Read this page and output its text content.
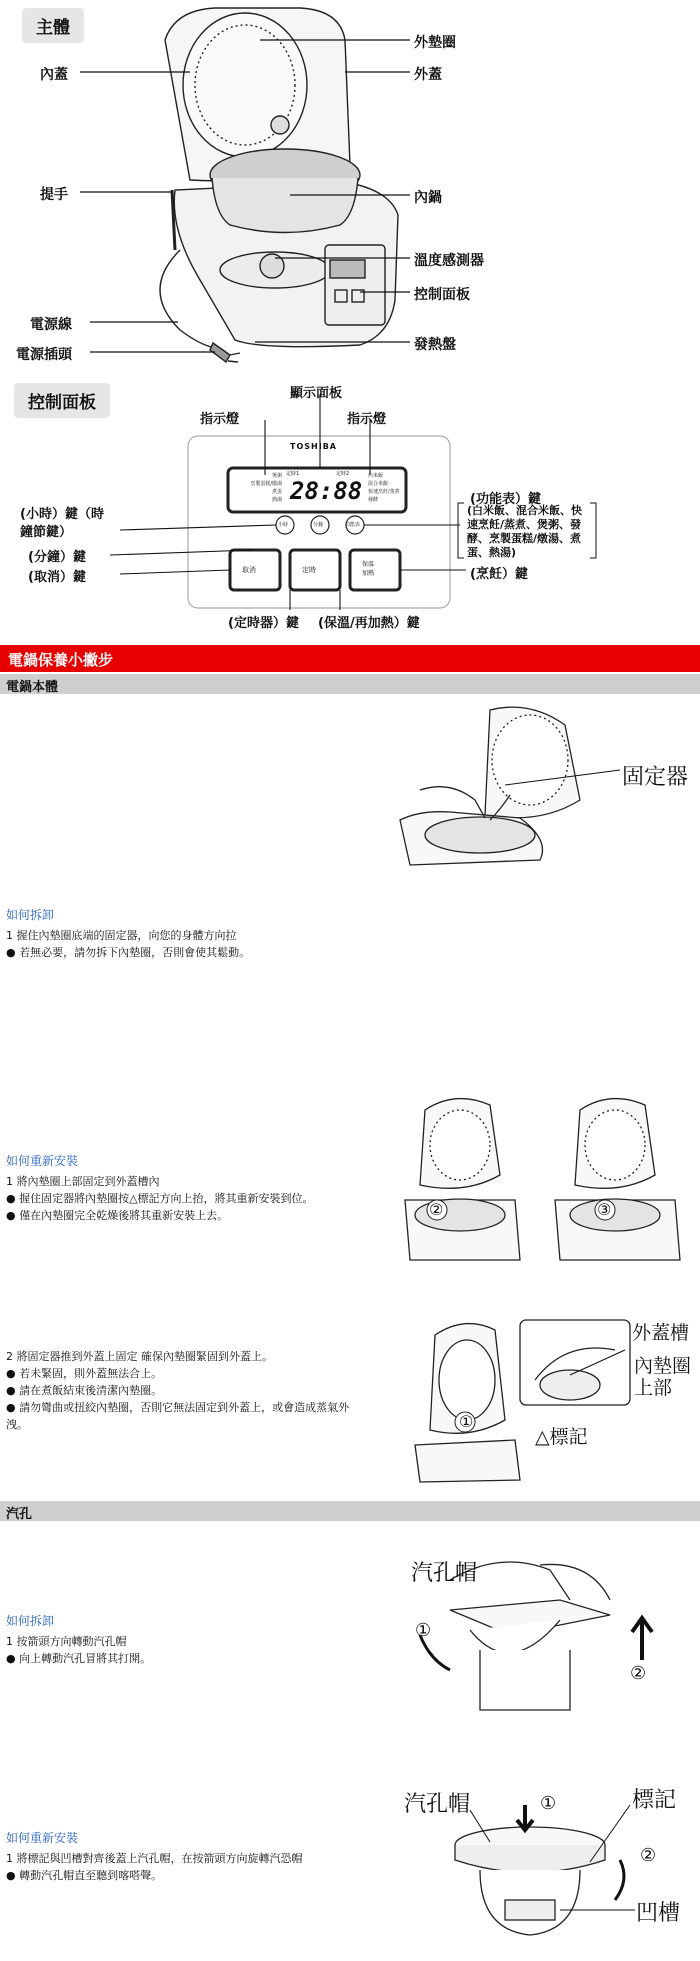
主體
外墊圈
外蓋
內蓋
提手	內鍋
溫度感測器
控制面板
電源線
電源插頭
發熱盤
控制面板	顯示面板
指示燈	指示燈
TOSHIBA
28:88
定時1	定時2
煲粥
烹製蛋糕/燉湯
煮蛋
熱湯
白米飯
混合米飯
快速烹飪/蒸煮
發酵
小時	分鐘	功能表
取消	定時
保溫
加熱
(小時）鍵（時
鐘節鍵）
(分鐘）鍵
(取消）鍵
(功能表）鍵
(白米飯、混合米飯、快
速烹飪/蒸煮、煲粥、發
酵、烹製蛋糕/燉湯、煮
蛋、熱湯)
(烹飪）鍵
(定時器）鍵 (保溫/再加熱）鍵
電鍋保養小撇步
電鍋本體
如何拆卸
1 握住內墊圈底端的固定器，向您的身體方向拉
● 若無必要，請勿拆下內墊圈，否則會使其鬆動。
固定器
如何重新安裝
1 將內墊圈上部固定到外蓋槽內
● 握住固定器將內墊圈按△標記方向上抬，將其重新安裝到位。
● 僅在內墊圈完全乾燥後將其重新安裝上去。	②	③
2 將固定器推到外蓋上固定 確保內墊圈緊固到外蓋上。
● 若未緊固，則外蓋無法合上。
● 請在煮飯結束後清潔內墊圈。
● 請勿彎曲或扭絞內墊圈，否則它無法固定到外蓋上，或會造成蒸氣外
洩。	①
外蓋槽
內墊圈
上部
△標記
汽孔
如何拆卸
1 按箭頭方向轉動汽孔帽
● 向上轉動汽孔冒將其打開。
汽孔帽
①
②
如何重新安裝
1 將標記與凹槽對齊後蓋上汽孔帽，在按箭頭方向旋轉汽恐帽
● 轉動汽孔帽直至聽到喀嗒聲。
汽孔帽	①	標記
②
凹槽
